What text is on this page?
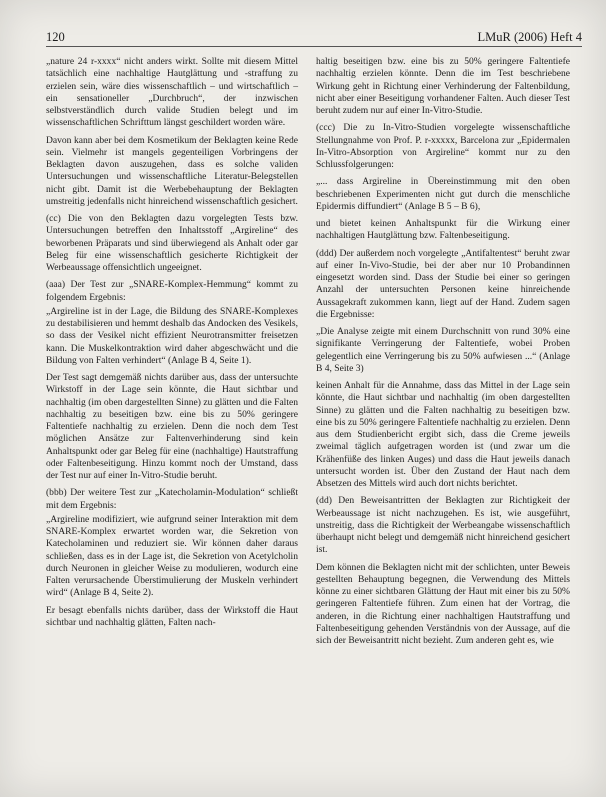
120	LMuR (2006) Heft 4

„nature 24 r-xxxx“ nicht anders wirkt. Sollte mit diesem Mittel tatsächlich eine nachhaltige Hautglättung und -straffung zu erzielen sein, wäre dies wissenschaftlich – und wirtschaftlich – ein sensationeller „Durchbruch“, der inzwischen selbstverständlich durch valide Studien belegt und im wissenschaftlichen Schrifttum längst geschildert worden wäre.

Davon kann aber bei dem Kosmetikum der Beklagten keine Rede sein. Vielmehr ist mangels gegenteiligen Vorbringens der Beklagten davon auszugehen, dass es solche validen Untersuchungen und wissenschaftliche Literatur-Belegstellen nicht gibt. Damit ist die Werbebehauptung der Beklagten umstreitig jedenfalls nicht hinreichend wissenschaftlich gesichert.

(cc) Die von den Beklagten dazu vorgelegten Tests bzw. Untersuchungen betreffen den Inhaltsstoff „Argireline“ des beworbenen Präparats und sind überwiegend als Anhalt oder gar Beleg für eine wissenschaftlich gesicherte Richtigkeit der Werbeaussage offensichtlich ungeeignet.

(aaa) Der Test zur „SNARE-Komplex-Hemmung“ kommt zu folgendem Ergebnis:

„Argireline ist in der Lage, die Bildung des SNARE-Komplexes zu destabilisieren und hemmt deshalb das Andocken des Vesikels, so dass der Vesikel nicht effizient Neurotransmitter freisetzen kann. Die Muskelkontraktion wird daher abgeschwächt und die Bildung von Falten verhindert“ (Anlage B 4, Seite 1).

Der Test sagt demgemäß nichts darüber aus, dass der untersuchte Wirkstoff in der Lage sein könnte, die Haut sichtbar und nachhaltig (im oben dargestellten Sinne) zu glätten und die Falten nachhaltig zu beseitigen bzw. eine bis zu 50% geringere Faltentiefe nachhaltig zu erzielen. Denn die noch dem Test möglichen Ansätze zur Faltenverhinderung sind kein Anhaltspunkt oder gar Beleg für eine (nachhaltige) Hautstraffung oder Faltenbeseitigung. Hinzu kommt noch der Umstand, dass der Test nur auf einer In-Vitro-Studie beruht.

(bbb) Der weitere Test zur „Katecholamin-Modulation“ schließt mit dem Ergebnis:

„Argireline modifiziert, wie aufgrund seiner Interaktion mit dem SNARE-Komplex erwartet worden war, die Sekretion von Katecholaminen und reduziert sie. Wir können daher daraus schließen, dass es in der Lage ist, die Sekretion von Acetylcholin durch Neuronen in gleicher Weise zu modulieren, wodurch eine Falten verursachende Überstimulierung der Muskeln verhindert wird“ (Anlage B 4, Seite 2).

Er besagt ebenfalls nichts darüber, dass der Wirkstoff die Haut sichtbar und nachhaltig glätten, Falten nach-

haltig beseitigen bzw. eine bis zu 50% geringere Faltentiefe nachhaltig erzielen könnte. Denn die im Test beschriebene Wirkung geht in Richtung einer Verhinderung der Faltenbildung, nicht aber einer Beseitigung vorhandener Falten. Auch dieser Test beruht zudem nur auf einer In-Vitro-Studie.

(ccc) Die zu In-Vitro-Studien vorgelegte wissenschaftliche Stellungnahme von Prof. P. r-xxxxx, Barcelona zur „Epidermalen In-Vitro-Absorption von Argireline“ kommt nur zu den Schlussfolgerungen:

„... dass Argireline in Übereinstimmung mit den oben beschriebenen Experimenten nicht gut durch die menschliche Epidermis diffundiert“ (Anlage B 5 – B 6),

und bietet keinen Anhaltspunkt für die Wirkung einer nachhaltigen Hautglättung bzw. Faltenbeseitigung.

(ddd) Der außerdem noch vorgelegte „Antifaltentest“ beruht zwar auf einer In-Vivo-Studie, bei der aber nur 10 Probandinnen eingesetzt worden sind. Dass der Studie bei einer so geringen Anzahl der untersuchten Personen keine hinreichende Aussagekraft zukommen kann, liegt auf der Hand. Zudem sagen die Ergebnisse:

„Die Analyse zeigte mit einem Durchschnitt von rund 30% eine signifikante Verringerung der Faltentiefe, wobei Proben gelegentlich eine Verringerung bis zu 50% aufwiesen ...“ (Anlage B 4, Seite 3)

keinen Anhalt für die Annahme, dass das Mittel in der Lage sein könnte, die Haut sichtbar und nachhaltig (im oben dargestellten Sinne) zu glätten und die Falten nachhaltig zu beseitigen bzw. eine bis zu 50% geringere Faltentiefe nachhaltig zu erzielen. Denn aus dem Studienbericht ergibt sich, dass die Creme jeweils zweimal täglich aufgetragen worden ist (und zwar um die Krähenfüße des linken Auges) und dass die Haut jeweils danach untersucht worden ist. Über den Zustand der Haut nach dem Absetzen des Mittels wird auch dort nichts berichtet.

(dd) Den Beweisantritten der Beklagten zur Richtigkeit der Werbeaussage ist nicht nachzugehen. Es ist, wie ausgeführt, unstreitig, dass die Richtigkeit der Werbeangabe wissenschaftlich überhaupt nicht belegt und demgemäß nicht hinreichend gesichert ist.

Dem können die Beklagten nicht mit der schlichten, unter Beweis gestellten Behauptung begegnen, die Verwendung des Mittels könne zu einer sichtbaren Glättung der Haut mit einer bis zu 50% geringeren Faltentiefe führen. Zum einen hat der Vortrag, die anderen, in die Richtung einer nachhaltigen Hautstraffung und Faltenbeseitigung gehenden Verständnis von der Aussage, auf die sich der Beweisantritt nicht bezieht. Zum anderen geht es, wie
